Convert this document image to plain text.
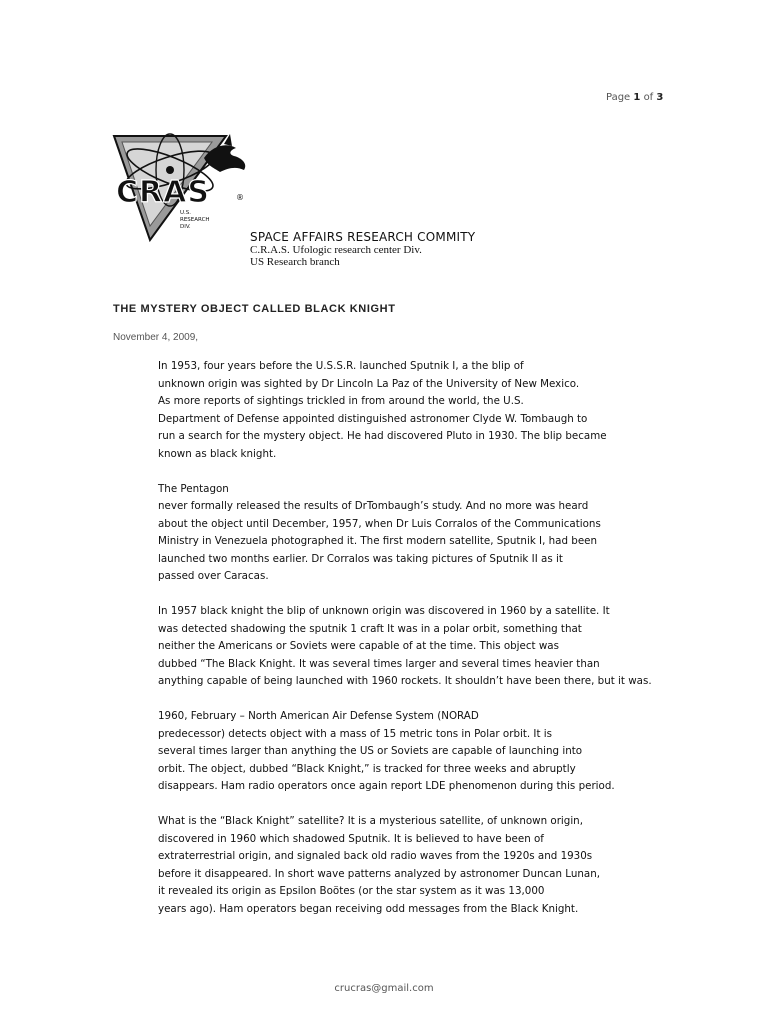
Page 1 of 3
CRAS	®
U.S.
RESEARCH
DIV.

SPACE AFFAIRS RESEARCH COMMITY

C.R.A.S. Ufologic research center Div.

US Research branch

THE MYSTERY OBJECT CALLED BLACK KNIGHT

November 4, 2009,

In 1953, four years before the U.S.S.R. launched Sputnik I, a the blip of
unknown origin was sighted by Dr Lincoln La Paz of the University of New Mexico.
As more reports of sightings trickled in from around the world, the U.S.
Department of Defense appointed distinguished astronomer Clyde W. Tombaugh to
run a search for the mystery object. He had discovered Pluto in 1930. The blip became
known as black knight.
The Pentagon
never formally released the results of DrTombaugh’s study. And no more was heard
about the object until December, 1957, when Dr Luis Corralos of the Communications
Ministry in Venezuela photographed it. The first modern satellite, Sputnik I, had been
launched two months earlier. Dr Corralos was taking pictures of Sputnik II as it
passed over Caracas.
In 1957 black knight the blip of unknown origin was discovered in 1960 by a satellite. It
was detected shadowing the sputnik 1 craft It was in a polar orbit, something that
neither the Americans or Soviets were capable of at the time. This object was
dubbed “The Black Knight. It was several times larger and several times heavier than
anything capable of being launched with 1960 rockets. It shouldn’t have been there, but it was.
1960, February – North American Air Defense System (NORAD
predecessor) detects object with a mass of 15 metric tons in Polar orbit. It is
several times larger than anything the US or Soviets are capable of launching into
orbit. The object, dubbed “Black Knight,” is tracked for three weeks and abruptly
disappears. Ham radio operators once again report LDE phenomenon during this period.
What is the “Black Knight” satellite? It is a mysterious satellite, of unknown origin,
discovered in 1960 which shadowed Sputnik. It is believed to have been of
extraterrestrial origin, and signaled back old radio waves from the 1920s and 1930s
before it disappeared. In short wave patterns analyzed by astronomer Duncan Lunan,
it revealed its origin as Epsilon Boötes (or the star system as it was 13,000
years ago). Ham operators began receiving odd messages from the Black Knight.
crucras@gmail.com
